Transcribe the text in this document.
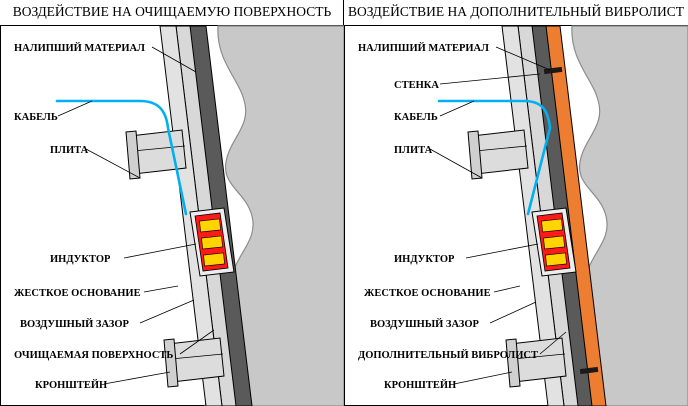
ВОЗДЕЙСТВИЕ НА ОЧИЩАЕМУЮ ПОВЕРХНОСТЬ
НАЛИПШИЙ МАТЕРИАЛ
КАБЕЛЬ
ПЛИТА
ИНДУКТОР
ЖЕСТКОЕ ОСНОВАНИЕ
ВОЗДУШНЫЙ ЗАЗОР
ОЧИЩАЕМАЯ ПОВЕРХНОСТЬ
КРОНШТЕЙН
ВОЗДЕЙСТВИЕ НА ДОПОЛНИТЕЛЬНЫЙ ВИБРОЛИСТ
НАЛИПШИЙ МАТЕРИАЛ
СТЕНКА
КАБЕЛЬ
ПЛИТА
ИНДУКТОР
ЖЕСТКОЕ ОСНОВАНИЕ
ВОЗДУШНЫЙ ЗАЗОР
ДОПОЛНИТЕЛЬНЫЙ ВИБРОЛИСТ
КРОНШТЕЙН
